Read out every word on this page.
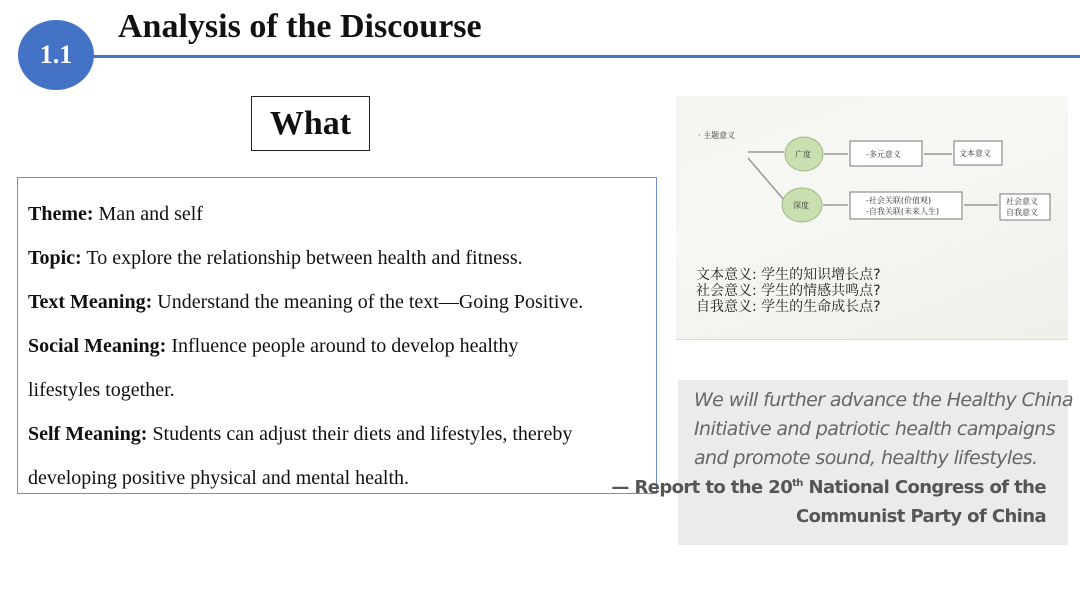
1.1
Analysis of the Discourse
What
Theme: Man and self
Topic: To explore the relationship between health and fitness.
Text Meaning: Understand the meaning of the text—Going Positive.
Social Meaning: Influence people around to develop healthy
lifestyles together.
Self Meaning: Students can adjust their diets and lifestyles, thereby
developing positive physical and mental health.
· 主题意义
广度
深度
-多元意义	文本意义
-社会关联(价值观)
-自我关联(未来人生)
社会意义
自我意义
文本意义: 学生的知识增长点?
社会意义: 学生的情感共鸣点?
自我意义: 学生的生命成长点?
We will further advance the Healthy China
Initiative and patriotic health campaigns
and promote sound, healthy lifestyles.
— Report to the 20th National Congress of the
Communist Party of China
